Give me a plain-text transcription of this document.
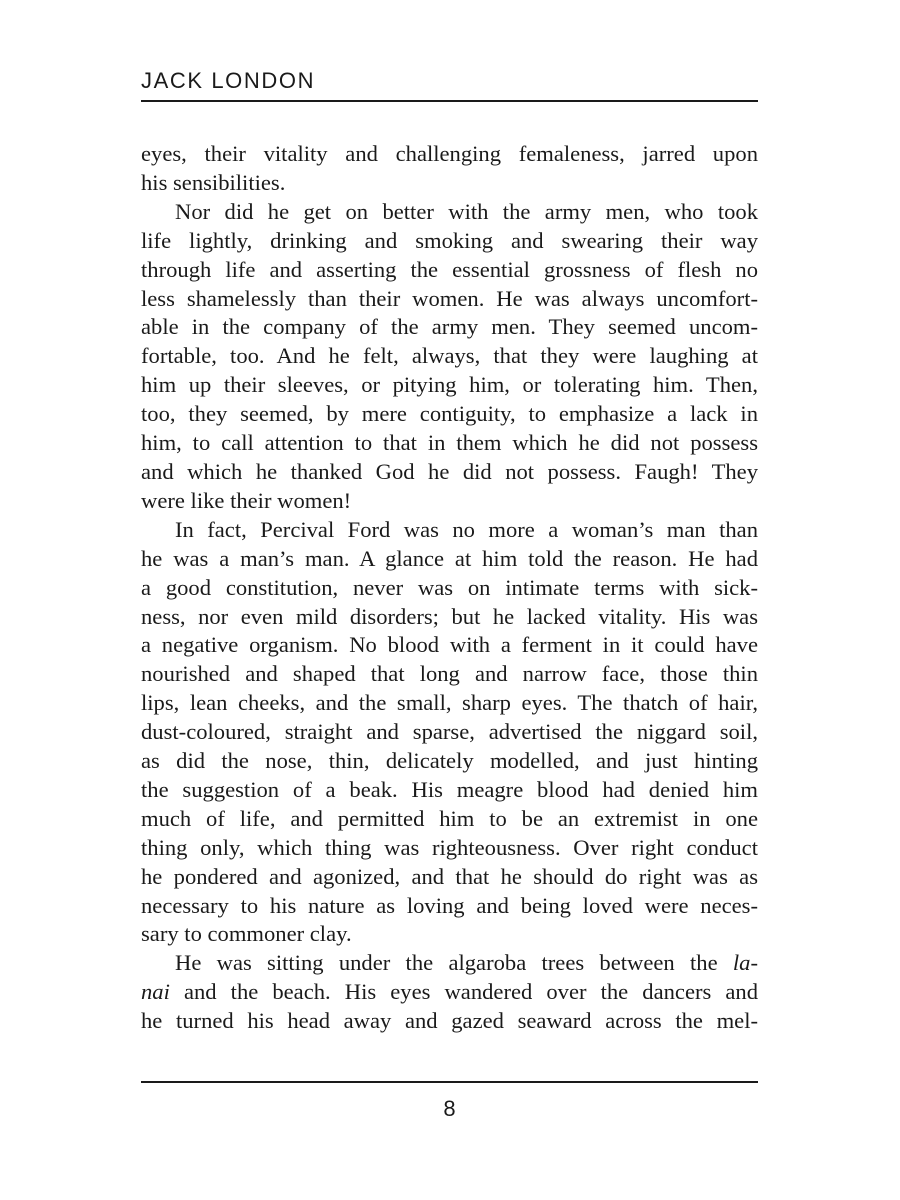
JACK LONDON

eyes, their vitality and challenging femaleness, jarred upon
his sensibilities.

Nor did he get on better with the army men, who took
life lightly, drinking and smoking and swearing their way
through life and asserting the essential grossness of flesh no
less shamelessly than their women. He was always uncomfort-
able in the company of the army men. They seemed uncom-
fortable, too. And he felt, always, that they were laughing at
him up their sleeves, or pitying him, or tolerating him. Then,
too, they seemed, by mere contiguity, to emphasize a lack in
him, to call attention to that in them which he did not possess
and which he thanked God he did not possess. Faugh! They
were like their women!

In fact, Percival Ford was no more a woman’s man than
he was a man’s man. A glance at him told the reason. He had
a good constitution, never was on intimate terms with sick-
ness, nor even mild disorders; but he lacked vitality. His was
a negative organism. No blood with a ferment in it could have
nourished and shaped that long and narrow face, those thin
lips, lean cheeks, and the small, sharp eyes. The thatch of hair,
dust-coloured, straight and sparse, advertised the niggard soil,
as did the nose, thin, delicately modelled, and just hinting
the suggestion of a beak. His meagre blood had denied him
much of life, and permitted him to be an extremist in one
thing only, which thing was righteousness. Over right conduct
he pondered and agonized, and that he should do right was as
necessary to his nature as loving and being loved were neces-
sary to commoner clay.

He was sitting under the algaroba trees between the la-
nai and the beach. His eyes wandered over the dancers and
he turned his head away and gazed seaward across the mel-

8
